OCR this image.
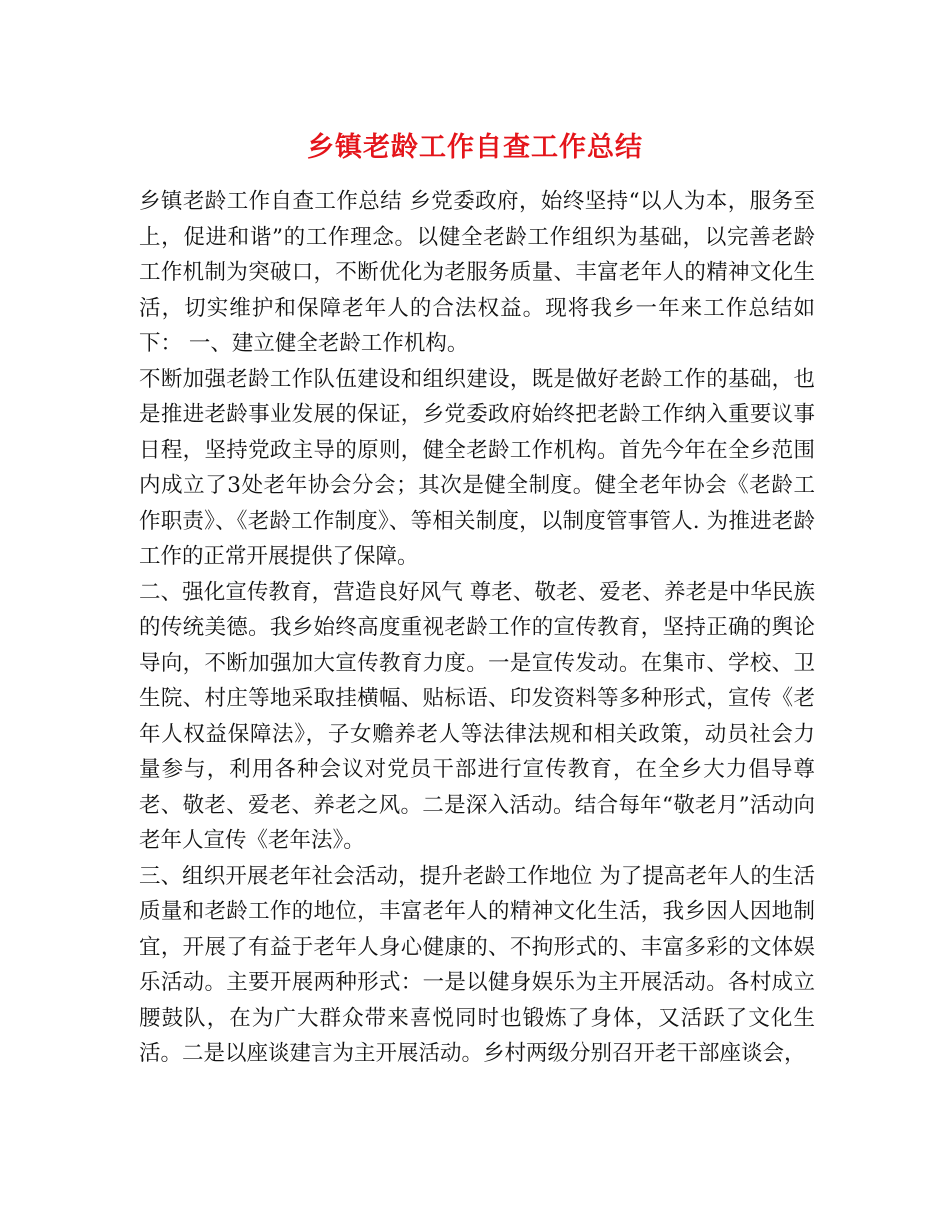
乡镇老龄工作自查工作总结

乡镇老龄工作自查工作总结 乡党委政府，始终坚持“以人为本，服务至上，促进和谐”的工作理念。以健全老龄工作组织为基础，以完善老龄工作机制为突破口，不断优化为老服务质量、丰富老年人的精神文化生活，切实维护和保障老年人的合法权益。现将我乡一年来工作总结如下： 一、建立健全老龄工作机构。

不断加强老龄工作队伍建设和组织建设，既是做好老龄工作的基础，也是推进老龄事业发展的保证，乡党委政府始终把老龄工作纳入重要议事日程，坚持党政主导的原则，健全老龄工作机构。首先今年在全乡范围内成立了3处老年协会分会；其次是健全制度。健全老年协会《老龄工作职责》、《老龄工作制度》、等相关制度，以制度管事管人. 为推进老龄工作的正常开展提供了保障。

二、强化宣传教育，营造良好风气 尊老、敬老、爱老、养老是中华民族的传统美德。我乡始终高度重视老龄工作的宣传教育，坚持正确的舆论导向，不断加强加大宣传教育力度。一是宣传发动。在集市、学校、卫生院、村庄等地采取挂横幅、贴标语、印发资料等多种形式，宣传《老年人权益保障法》，子女赡养老人等法律法规和相关政策，动员社会力量参与，利用各种会议对党员干部进行宣传教育，在全乡大力倡导尊老、敬老、爱老、养老之风。二是深入活动。结合每年“敬老月”活动向老年人宣传《老年法》。

三、组织开展老年社会活动，提升老龄工作地位 为了提高老年人的生活质量和老龄工作的地位，丰富老年人的精神文化生活，我乡因人因地制宜，开展了有益于老年人身心健康的、不拘形式的、丰富多彩的文体娱乐活动。主要开展两种形式：一是以健身娱乐为主开展活动。各村成立腰鼓队，在为广大群众带来喜悦同时也锻炼了身体，又活跃了文化生活。二是以座谈建言为主开展活动。乡村两级分别召开老干部座谈会，
